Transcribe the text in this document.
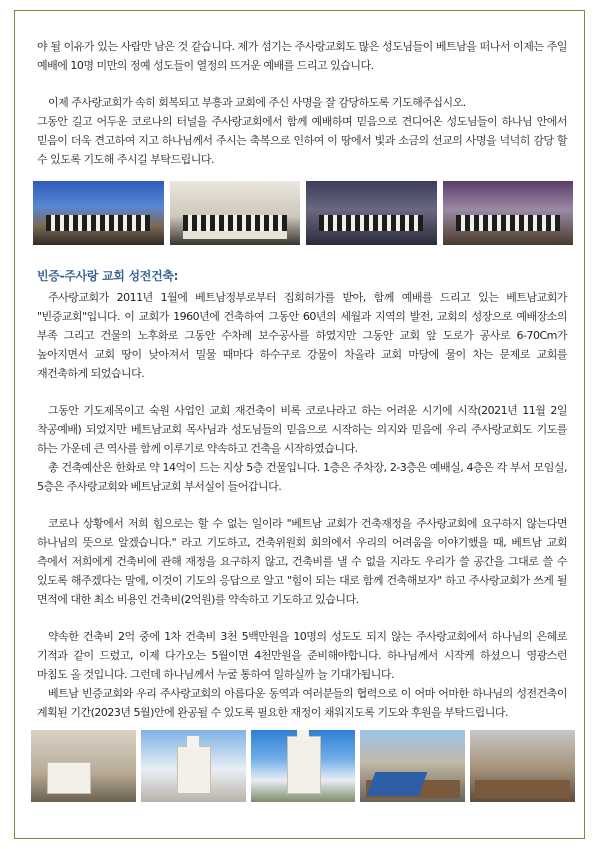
야 될 이유가 있는 사람만 남은 것 같습니다. 제가 섬기는 주사랑교회도 많은 성도님들이 베트남을 떠나서 이제는 주일 예배에 10명 미만의 정예 성도들이 열정의 뜨거운 예배를 드리고 있습니다.

이제 주사랑교회가 속히 회복되고 부흥과 교회에 주신 사명을 잘 감당하도록 기도해주십시오.

그동안 길고 어두운 코로나의 터널을 주사랑교회에서 함께 예배하며 믿음으로 견디어온 성도님들이 하나님 안에서 믿음이 더욱 견고하여 지고 하나님께서 주시는 축복으로 인하여 이 땅에서 빛과 소금의 선교의 사명을 넉넉히 감당 할 수 있도록 기도해 주시길 부탁드립니다.

빈증-주사랑 교회 성전건축:

주사랑교회가 2011년 1월에 베트남정부로부터 집회허가를 받아, 함께 예배를 드리고 있는 베트남교회가 "빈증교회"입니다. 이 교회가 1960년에 건축하여 그동안 60년의 세월과 지역의 발전, 교회의 성장으로 예배장소의 부족 그리고 건물의 노후화로 그동안 수차례 보수공사를 하였지만 그동안 교회 앞 도로가 공사로 6-70Cm가 높아지면서 교회 땅이 낮아져서 밀물 때마다 하수구로 강물이 차올라 교회 마당에 물이 차는 문제로 교회를 재건축하게 되었습니다.

그동안 기도제목이고 숙원 사업인 교회 재건축이 비록 코로나라고 하는 어려운 시기에 시작(2021년 11월 2일 착공예배) 되었지만 베트남교회 목사님과 성도님들의 믿음으로 시작하는 의지와 믿음에 우리 주사랑교회도 기도를 하는 가운데 큰 역사를 함께 이루기로 약속하고 건축을 시작하였습니다.

총 건축예산은 한화로 약 14억이 드는 지상 5층 건물입니다. 1층은 주차장, 2-3층은 예배실, 4층은 각 부서 모임실, 5층은 주사랑교회와 베트남교회 부서실이 들어갑니다.

코로나 상황에서 저희 힘으로는 할 수 없는 일이라 "베트남 교회가 건축재정을 주사랑교회에 요구하지 않는다면 하나님의 뜻으로 알겠습니다." 라고 기도하고, 건축위원회 회의에서 우리의 어려움을 이야기했을 때, 베트남 교회 측에서 저희에게 건축비에 관해 재정을 요구하지 않고, 건축비를 낼 수 없을 지라도 우리가 쓸 공간을 그대로 쓸 수 있도록 해주겠다는 말에, 이것이 기도의 응답으로 알고 "힘이 되는 대로 함께 건축해보자" 하고 주사랑교회가 쓰게 될 면적에 대한 최소 비용인 건축비(2억원)를 약속하고 기도하고 있습니다.

약속한 건축비 2억 중에 1차 건축비 3천 5백만원을 10명의 성도도 되지 않는 주사랑교회에서 하나님의 은혜로 기적과 같이 드렸고, 이제 다가오는 5월이면 4천만원을 준비해야합니다. 하나님께서 시작케 하셨으니 영광스런 마침도 올 것입니다. 그런데 하나님께서 누굴 통하여 일하실까 늘 기대가됩니다.

베트남 빈증교회와 우리 주사랑교회의 아름다운 동역과 여러분들의 협력으로 이 어마 어마한 하나님의 성전건축이 계획된 기간(2023년 5월)안에 완공될 수 있도록 필요한 재정이 채워지도록 기도와 후원을 부탁드립니다.
